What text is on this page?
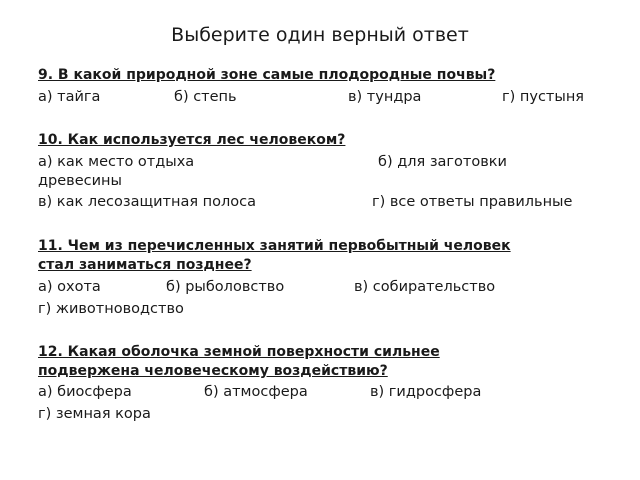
Выберите один верный ответ
9. В какой природной зоне самые плодородные почвы?
а) тайга	б) степь	в) тундра	г) пустыня
10. Как используется лес человеком?
а) как место отдыха	б) для заготовки
древесины
в) как лесозащитная полоса	г) все ответы правильные
11. Чем из перечисленных занятий первобытный человек
стал заниматься позднее?
а) охота	б) рыболовство	в) собирательство
г) животноводство
12. Какая оболочка земной поверхности сильнее
подвержена человеческому воздействию?
а) биосфера	б) атмосфера	в) гидросфера
г) земная кора
